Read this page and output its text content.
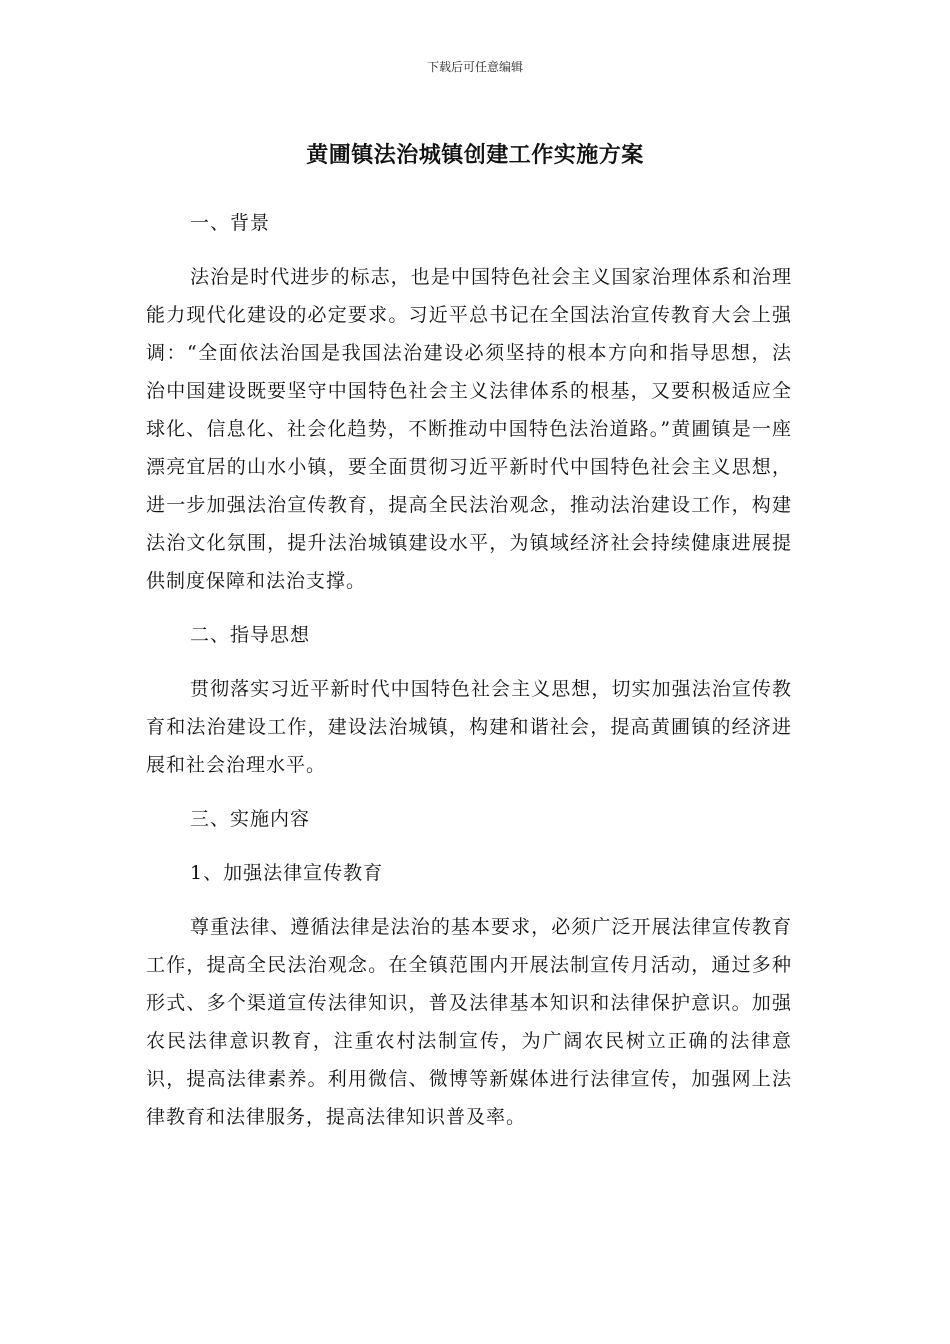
下载后可任意编辑
黄圃镇法治城镇创建工作实施方案

一、背景

法治是时代进步的标志，也是中国特色社会主义国家治理体系和治理能力现代化建设的必定要求。习近平总书记在全国法治宣传教育大会上强调：“全面依法治国是我国法治建设必须坚持的根本方向和指导思想，法治中国建设既要坚守中国特色社会主义法律体系的根基，又要积极适应全球化、信息化、社会化趋势，不断推动中国特色法治道路。”黄圃镇是一座漂亮宜居的山水小镇，要全面贯彻习近平新时代中国特色社会主义思想，进一步加强法治宣传教育，提高全民法治观念，推动法治建设工作，构建法治文化氛围，提升法治城镇建设水平，为镇域经济社会持续健康进展提供制度保障和法治支撑。

二、指导思想

贯彻落实习近平新时代中国特色社会主义思想，切实加强法治宣传教育和法治建设工作，建设法治城镇，构建和谐社会，提高黄圃镇的经济进展和社会治理水平。

三、实施内容

1、加强法律宣传教育

尊重法律、遵循法律是法治的基本要求，必须广泛开展法律宣传教育工作，提高全民法治观念。在全镇范围内开展法制宣传月活动，通过多种形式、多个渠道宣传法律知识，普及法律基本知识和法律保护意识。加强农民法律意识教育，注重农村法制宣传，为广阔农民树立正确的法律意识，提高法律素养。利用微信、微博等新媒体进行法律宣传，加强网上法律教育和法律服务，提高法律知识普及率。
